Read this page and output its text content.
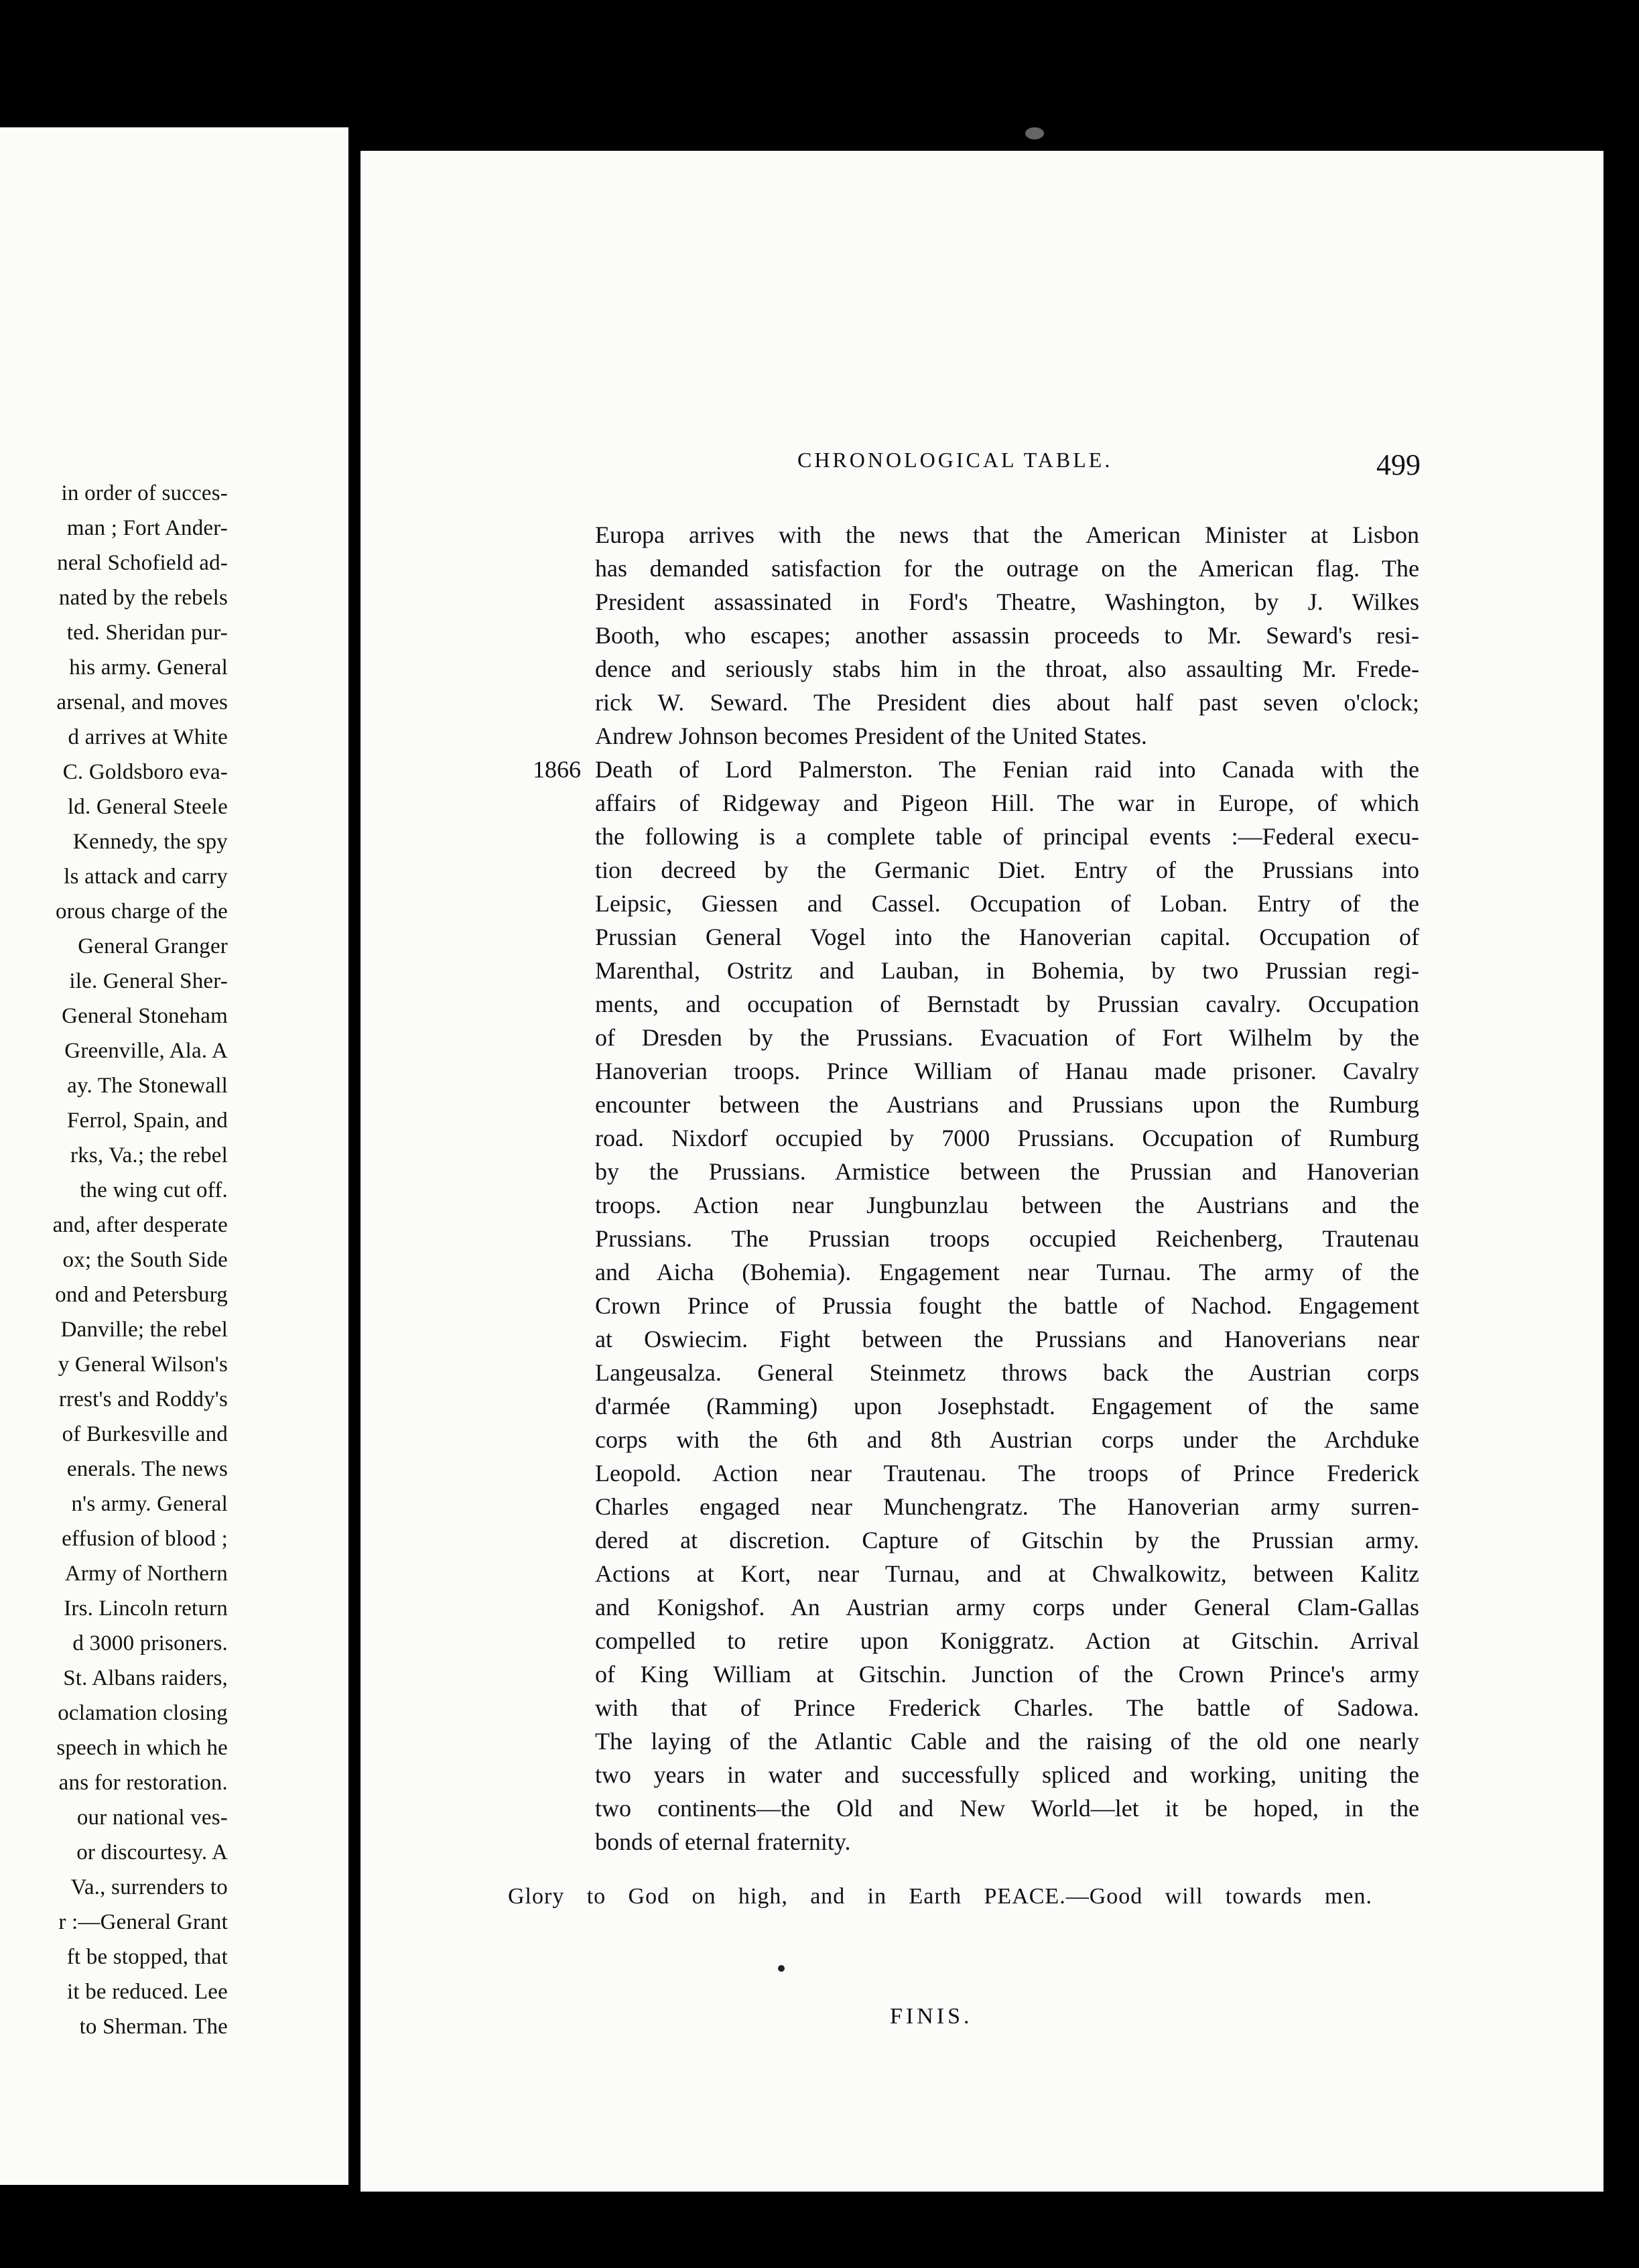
in order of succes-
man ; Fort Ander-
neral Schofield ad-
nated by the rebels
ted. Sheridan pur-
his army. General
arsenal, and moves
d arrives at White
C. Goldsboro eva-
ld. General Steele
Kennedy, the spy
ls attack and carry
orous charge of the
General Granger
ile. General Sher-
General Stoneham
Greenville, Ala. A
ay. The Stonewall
Ferrol, Spain, and
rks, Va.; the rebel
the wing cut off.
and, after desperate
ox; the South Side
ond and Petersburg
Danville; the rebel
y General Wilson's
rrest's and Roddy's
of Burkesville and
enerals. The news
n's army. General
effusion of blood ;
Army of Northern
Irs. Lincoln return
d 3000 prisoners.
St. Albans raiders,
oclamation closing
speech in which he
ans for restoration.
our national ves-
or discourtesy. A
Va., surrenders to
r :—General Grant
ft be stopped, that
it be reduced. Lee
to Sherman. The
CHRONOLOGICAL TABLE.	499
Europa arrives with the news that the American Minister at Lisbon
has demanded satisfaction for the outrage on the American flag. The
President assassinated in Ford's Theatre, Washington, by J. Wilkes
Booth, who escapes; another assassin proceeds to Mr. Seward's resi-
dence and seriously stabs him in the throat, also assaulting Mr. Frede-
rick W. Seward. The President dies about half past seven o'clock;
Andrew Johnson becomes President of the United States.
1866 Death of Lord Palmerston. The Fenian raid into Canada with the
affairs of Ridgeway and Pigeon Hill. The war in Europe, of which
the following is a complete table of principal events :—Federal execu-
tion decreed by the Germanic Diet. Entry of the Prussians into
Leipsic, Giessen and Cassel. Occupation of Loban. Entry of the
Prussian General Vogel into the Hanoverian capital. Occupation of
Marenthal, Ostritz and Lauban, in Bohemia, by two Prussian regi-
ments, and occupation of Bernstadt by Prussian cavalry. Occupation
of Dresden by the Prussians. Evacuation of Fort Wilhelm by the
Hanoverian troops. Prince William of Hanau made prisoner. Cavalry
encounter between the Austrians and Prussians upon the Rumburg
road. Nixdorf occupied by 7000 Prussians. Occupation of Rumburg
by the Prussians. Armistice between the Prussian and Hanoverian
troops. Action near Jungbunzlau between the Austrians and the
Prussians. The Prussian troops occupied Reichenberg, Trautenau
and Aicha (Bohemia). Engagement near Turnau. The army of the
Crown Prince of Prussia fought the battle of Nachod. Engagement
at Oswiecim. Fight between the Prussians and Hanoverians near
Langeusalza. General Steinmetz throws back the Austrian corps
d'armée (Ramming) upon Josephstadt. Engagement of the same
corps with the 6th and 8th Austrian corps under the Archduke
Leopold. Action near Trautenau. The troops of Prince Frederick
Charles engaged near Munchengratz. The Hanoverian army surren-
dered at discretion. Capture of Gitschin by the Prussian army.
Actions at Kort, near Turnau, and at Chwalkowitz, between Kalitz
and Konigshof. An Austrian army corps under General Clam-Gallas
compelled to retire upon Koniggratz. Action at Gitschin. Arrival
of King William at Gitschin. Junction of the Crown Prince's army
with that of Prince Frederick Charles. The battle of Sadowa.
The laying of the Atlantic Cable and the raising of the old one nearly
two years in water and successfully spliced and working, uniting the
two continents—the Old and New World—let it be hoped, in the
bonds of eternal fraternity.
Glory to God on high, and in Earth PEACE.—Good will towards men.
FINIS.
